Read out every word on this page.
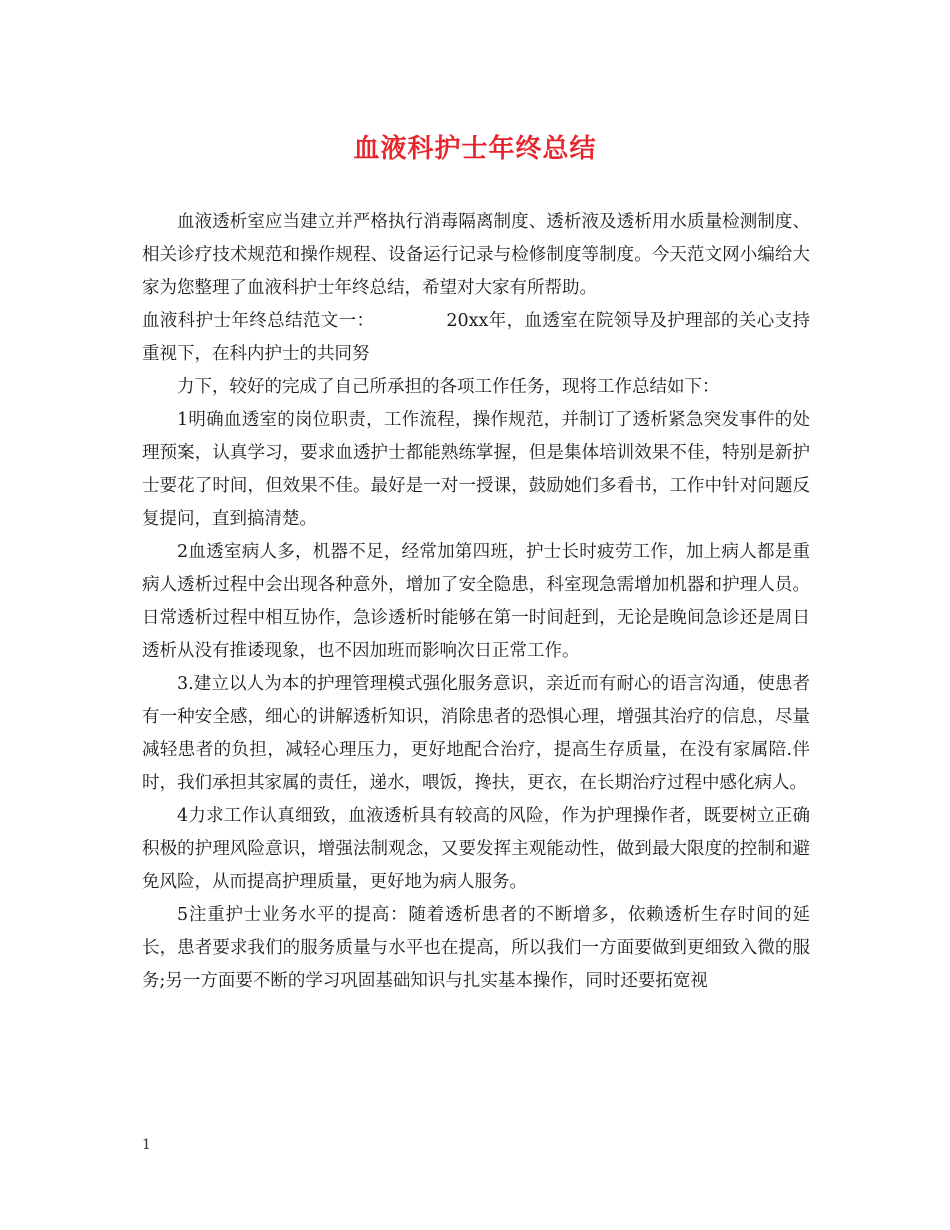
血液科护士年终总结

血液透析室应当建立并严格执行消毒隔离制度、透析液及透析用水质量检测制度、相关诊疗技术规范和操作规程、设备运行记录与检修制度等制度。今天范文网小编给大家为您整理了血液科护士年终总结，希望对大家有所帮助。

血液科护士年终总结范文一：	20xx年，血透室在院领导及护理部的关心支持重视下，在科内护士的共同努

力下，较好的完成了自己所承担的各项工作任务，现将工作总结如下：

1明确血透室的岗位职责，工作流程，操作规范，并制订了透析紧急突发事件的处理预案，认真学习，要求血透护士都能熟练掌握，但是集体培训效果不佳，特别是新护士要花了时间，但效果不佳。最好是一对一授课，鼓励她们多看书，工作中针对问题反复提问，直到搞清楚。

2血透室病人多，机器不足，经常加第四班，护士长时疲劳工作，加上病人都是重病人透析过程中会出现各种意外，增加了安全隐患，科室现急需增加机器和护理人员。日常透析过程中相互协作，急诊透析时能够在第一时间赶到，无论是晚间急诊还是周日透析从没有推诿现象，也不因加班而影响次日正常工作。

3.建立以人为本的护理管理模式强化服务意识，亲近而有耐心的语言沟通，使患者有一种安全感，细心的讲解透析知识，消除患者的恐惧心理，增强其治疗的信息，尽量减轻患者的负担，减轻心理压力，更好地配合治疗，提高生存质量，在没有家属陪.伴时，我们承担其家属的责任，递水，喂饭，搀扶，更衣，在长期治疗过程中感化病人。

4力求工作认真细致，血液透析具有较高的风险，作为护理操作者，既要树立正确积极的护理风险意识，增强法制观念，又要发挥主观能动性，做到最大限度的控制和避免风险，从而提高护理质量，更好地为病人服务。

5注重护士业务水平的提高：随着透析患者的不断增多，依赖透析生存时间的延长，患者要求我们的服务质量与水平也在提高，所以我们一方面要做到更细致入微的服务;另一方面要不断的学习巩固基础知识与扎实基本操作，同时还要拓宽视

1
